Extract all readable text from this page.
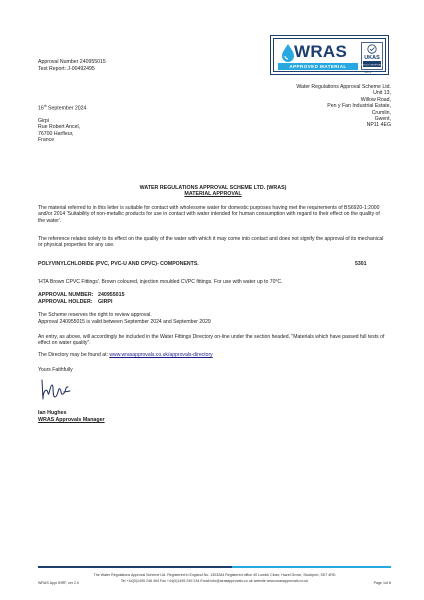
Approval Number 240955015
Test Report: J-00492495
WRAS
APPROVED MATERIAL
UKAS
PRODUCT CERTIFICATION
2074
Water Regulations Approval Scheme Ltd.
Unit 13,
Willow Road,
Pen y Fan Industrial Estate,
Crumlin,
Gwent,
NP11 4EG
16th September 2024
Girpi
Rue Robert Ancel,
76700 Harfleur,
France
WATER REGULATIONS APPROVAL SCHEME LTD. (WRAS)
MATERIAL APPROVAL
The material referred to in this letter is suitable for contact with wholesome water for domestic purposes having met the requirements of BS6920-1:2000 and/or 2014 'Suitability of non-metallic products for use in contact with water intended for human consumption with regard to their effect on the quality of the water'.
The reference relates solely to its effect on the quality of the water with which it may come into contact and does not signify the approval of its mechanical or physical properties for any use.
POLYVINYLCHLORIDE (PVC, PVC-U AND CPVC)- COMPONENTS.	5301
'HTA Brown CPVC Fittings'. Brown coloured, injection moulded CVPC fittings. For use with water up to 70°C.
APPROVAL NUMBER: 240955015
APPROVAL HOLDER: GIRPI
The Scheme reserves the right to review approval.
Approval 240955015 is valid between September 2024 and September 2029
An entry, as above, will accordingly be included in the Water Fittings Directory on-line under the section headed, "Materials which have passed full tests of effect on water quality".
The Directory may be found at: www.wrasapprovals.co.uk/approvals-directory
Yours Faithfully
Ian Hughes
WRAS Approvals Manager
The Water Regulations Approval Scheme Ltd. Registered in England No. 1303284 Registered office 40 Lowick Close, Hazel Grove, Stockport, SK7 4RD
Tel +44(0)1495 248 454 Fax +44(0)1495 249 234 Email info@wrasapprovals.co.uk website www.wrasapprovals.co.uk
WRAS Appr BIRF, ver 2.0	Page 1of 8
